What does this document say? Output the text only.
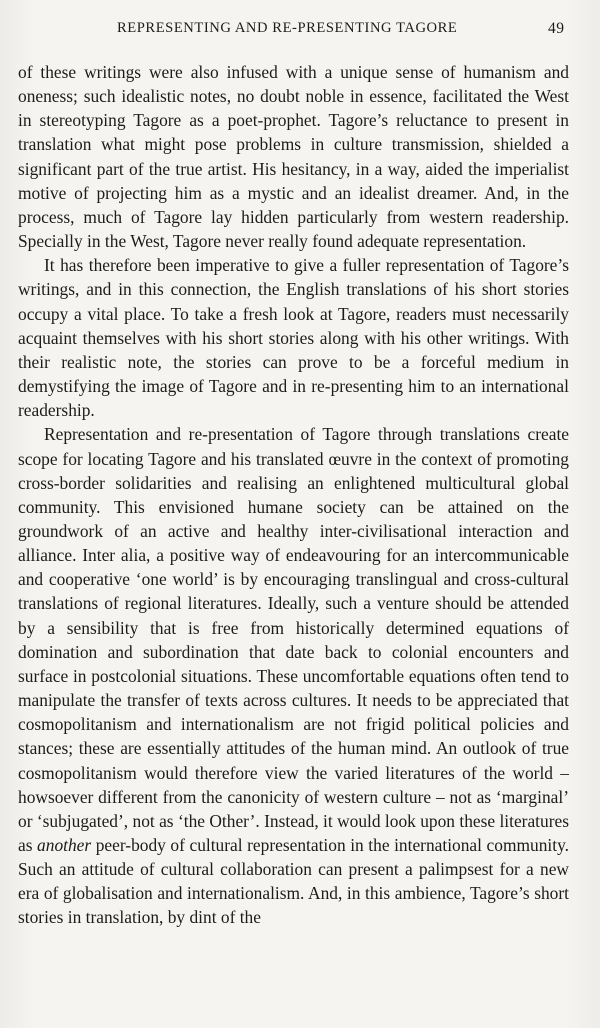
REPRESENTING AND RE-PRESENTING TAGORE	49

of these writings were also infused with a unique sense of humanism and oneness; such idealistic notes, no doubt noble in essence, facilitated the West in stereotyping Tagore as a poet-prophet. Tagore’s reluctance to present in translation what might pose problems in culture transmission, shielded a significant part of the true artist. His hesitancy, in a way, aided the imperialist motive of projecting him as a mystic and an idealist dreamer. And, in the process, much of Tagore lay hidden particularly from western readership. Specially in the West, Tagore never really found adequate representation.

It has therefore been imperative to give a fuller representation of Tagore’s writings, and in this connection, the English translations of his short stories occupy a vital place. To take a fresh look at Tagore, readers must necessarily acquaint themselves with his short stories along with his other writings. With their realistic note, the stories can prove to be a forceful medium in demystifying the image of Tagore and in re-presenting him to an international readership.

Representation and re-presentation of Tagore through translations create scope for locating Tagore and his translated œuvre in the context of promoting cross-border solidarities and realising an enlightened multicultural global community. This envisioned humane society can be attained on the groundwork of an active and healthy inter-civilisational interaction and alliance. Inter alia, a positive way of endeavouring for an intercommunicable and cooperative ‘one world’ is by encouraging translingual and cross-cultural translations of regional literatures. Ideally, such a venture should be attended by a sensibility that is free from historically determined equations of domination and subordination that date back to colonial encounters and surface in postcolonial situations. These uncomfortable equations often tend to manipulate the transfer of texts across cultures. It needs to be appreciated that cosmopolitanism and internationalism are not frigid political policies and stances; these are essentially attitudes of the human mind. An outlook of true cosmopolitanism would therefore view the varied literatures of the world – howsoever different from the canonicity of western culture – not as ‘marginal’ or ‘subjugated’, not as ‘the Other’. Instead, it would look upon these literatures as another peer-body of cultural representation in the international community. Such an attitude of cultural collaboration can present a palimpsest for a new era of globalisation and internationalism. And, in this ambience, Tagore’s short stories in translation, by dint of the
